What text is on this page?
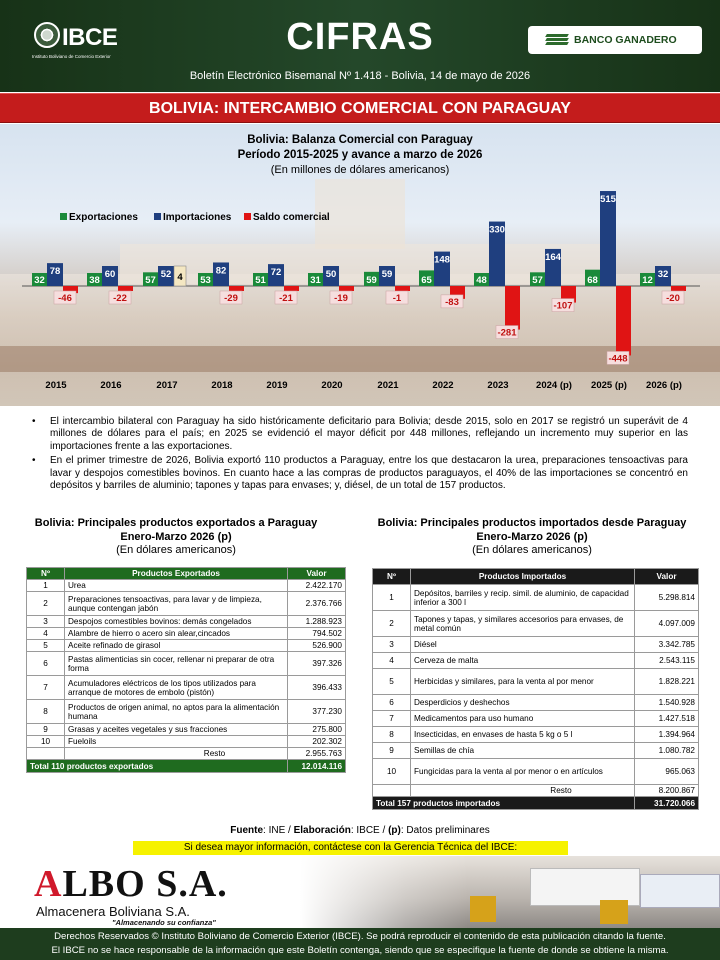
IBCE
Instituto Boliviano de Comercio Exterior	CIFRAS
Boletín Electrónico Bisemanal Nº 1.418 - Bolivia, 14 de mayo de 2026
BANCO GANADERO
BOLIVIA: INTERCAMBIO COMERCIAL CON PARAGUAY
Bolivia: Balanza Comercial con Paraguay
Período 2015-2025 y avance a marzo de 2026
(En millones de dólares americanos)
Exportaciones	Importaciones	Saldo comercial
32
78
-46
2015
38
60
-22
2016
57
52 4
2017
53
82
-29
2018
51
72
-21
2019
31
50
-19
2020
59
59
-1
2021
65
148
-83
2022
48
330
-281
2023
57
164
-107
2024 (p)
68
515
-448
2025 (p)
12
32
-20
2026 (p)
• El intercambio bilateral con Paraguay ha sido históricamente deficitario para Bolivia; desde 2015, solo en 2017 se registró un superávit de 4 millones de dólares para el país; en 2025 se evidenció el mayor déficit por 448 millones, reflejando un incremento muy superior en las importaciones frente a las exportaciones.
• En el primer trimestre de 2026, Bolivia exportó 110 productos a Paraguay, entre los que destacaron la urea, preparaciones tensoactivas para lavar y despojos comestibles bovinos. En cuanto hace a las compras de productos paraguayos, el 40% de las importaciones se concentró en depósitos y barriles de aluminio; tapones y tapas para envases; y, diésel, de un total de 157 productos.
Bolivia: Principales productos exportados a Paraguay
Enero-Marzo 2026 (p)
(En dólares americanos)
Nº	Productos Exportados	Valor
1	Urea	2.422.170
2	Preparaciones tensoactivas, para lavar y de limpieza, aunque contengan jabón	2.376.766
3	Despojos comestibles bovinos: demás congelados	1.288.923
4	Alambre de hierro o acero sin alear,cincados	794.502
5	Aceite refinado de girasol	526.900
6	Pastas alimenticias sin cocer, rellenar ni preparar de otra forma	397.326
7	Acumuladores eléctricos de los tipos utilizados para arranque de motores de embolo (pistón)	396.433
8	Productos de origen animal, no aptos para la alimentación humana	377.230
9	Grasas y aceites vegetales y sus fracciones	275.800
10	Fueloils	202.302
	Resto	2.955.763
Total 110 productos exportados		12.014.116
Bolivia: Principales productos importados desde Paraguay
Enero-Marzo 2026 (p)
(En dólares americanos)
Nº	Productos Importados	Valor
1	Depósitos, barriles y recip. simil. de aluminio, de capacidad inferior a 300 l	5.298.814
2	Tapones y tapas, y similares accesorios para envases, de metal común	4.097.009
3	Diésel	3.342.785
4	Cerveza de malta	2.543.115
5	Herbicidas y similares, para la venta al por menor	1.828.221
6	Desperdicios y deshechos	1.540.928
7	Medicamentos para uso humano	1.427.518
8	Insecticidas, en envases de hasta 5 kg o 5 l	1.394.964
9	Semillas de chía	1.080.782
10	Fungicidas para la venta al por menor o en artículos	965.063
	Resto	8.200.867
Total 157 productos importados		31.720.066
Fuente: INE / Elaboración: IBCE / (p): Datos preliminares
Si desea mayor información, contáctese con la Gerencia Técnica del IBCE:
ALBO S.A.
Almacenera Boliviana S.A.
"Almacenando su confianza"
Derechos Reservados © Instituto Boliviano de Comercio Exterior (IBCE). Se podrá reproducir el contenido de esta publicación citando la fuente.
El IBCE no se hace responsable de la información que este Boletín contenga, siendo que se especifique la fuente de donde se obtiene la misma.
